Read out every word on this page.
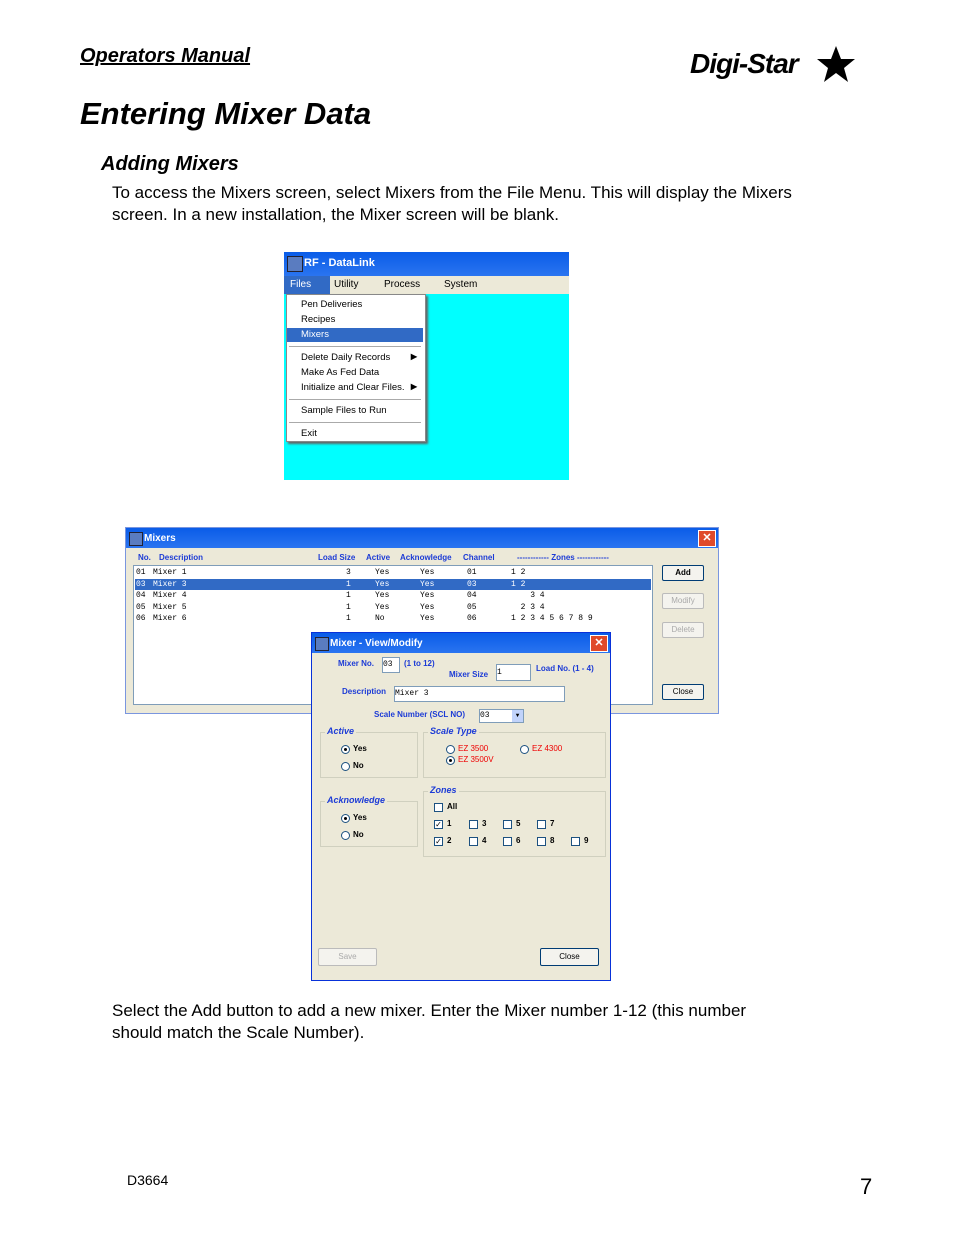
Operators Manual	Digi-Star
Entering Mixer Data
Adding Mixers
To access the Mixers screen, select Mixers from the File Menu. This will display the Mixers
screen. In a new installation, the Mixer screen will be blank.
RF - DataLink
Files Utility	Process System
Pen Deliveries
Recipes
Mixers
Delete Daily Records	▶
Make As Fed Data
Initialize and Clear Files. ▶
Sample Files to Run
Exit
Mixers	✕
No. Description	Load Size Active Acknowledge Channel	------------ Zones ------------
01 Mixer 1	3	Yes	Yes	01	1 2
03 Mixer 3	1	Yes	Yes	03	1 2
04 Mixer 4	1	Yes	Yes	04	3 4
05 Mixer 5	1	Yes	Yes	05	2 3 4
06 Mixer 6	1	No	Yes	06	1 2 3 4 5 6 7 8 9
Add
Modify
Delete
Close
Mixer - View/Modify	✕
Mixer No. 03	(1 to 12)
Mixer Size 1	Load No. (1 - 4)
Description Mixer 3
Scale Number (SCL NO) 03	▼
Active
Yes
No
Scale Type
EZ 3500	EZ 4300
EZ 3500V
Acknowledge
Yes
No
Zones
All
✓ 1
✓ 2
3
4
5
6
7
8	9
Save	Close
Select the Add button to add a new mixer. Enter the Mixer number 1-12 (this number
should match the Scale Number).
D3664	7
